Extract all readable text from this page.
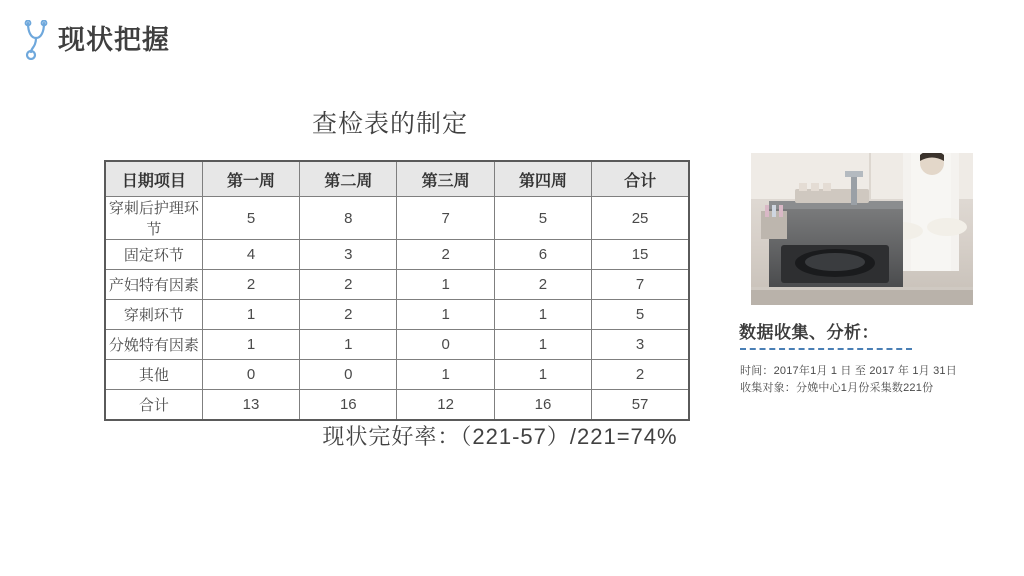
现状把握
查检表的制定
日期项目	第一周	第二周	第三周	第四周	合计
穿刺后护理环节	5	8	7	5	25
固定环节	4	3	2	6	15
产妇特有因素	2	2	1	2	7
穿刺环节	1	2	1	1	5
分娩特有因素	1	1	0	1	3
其他	0	0	1	1	2
合计	13	16	12	16	57
现状完好率：（221-57）/221=74%
数据收集、分析：
时间：2017年1月 1 日 至 2017 年 1月 31日
收集对象：分娩中心1月份采集数221份
